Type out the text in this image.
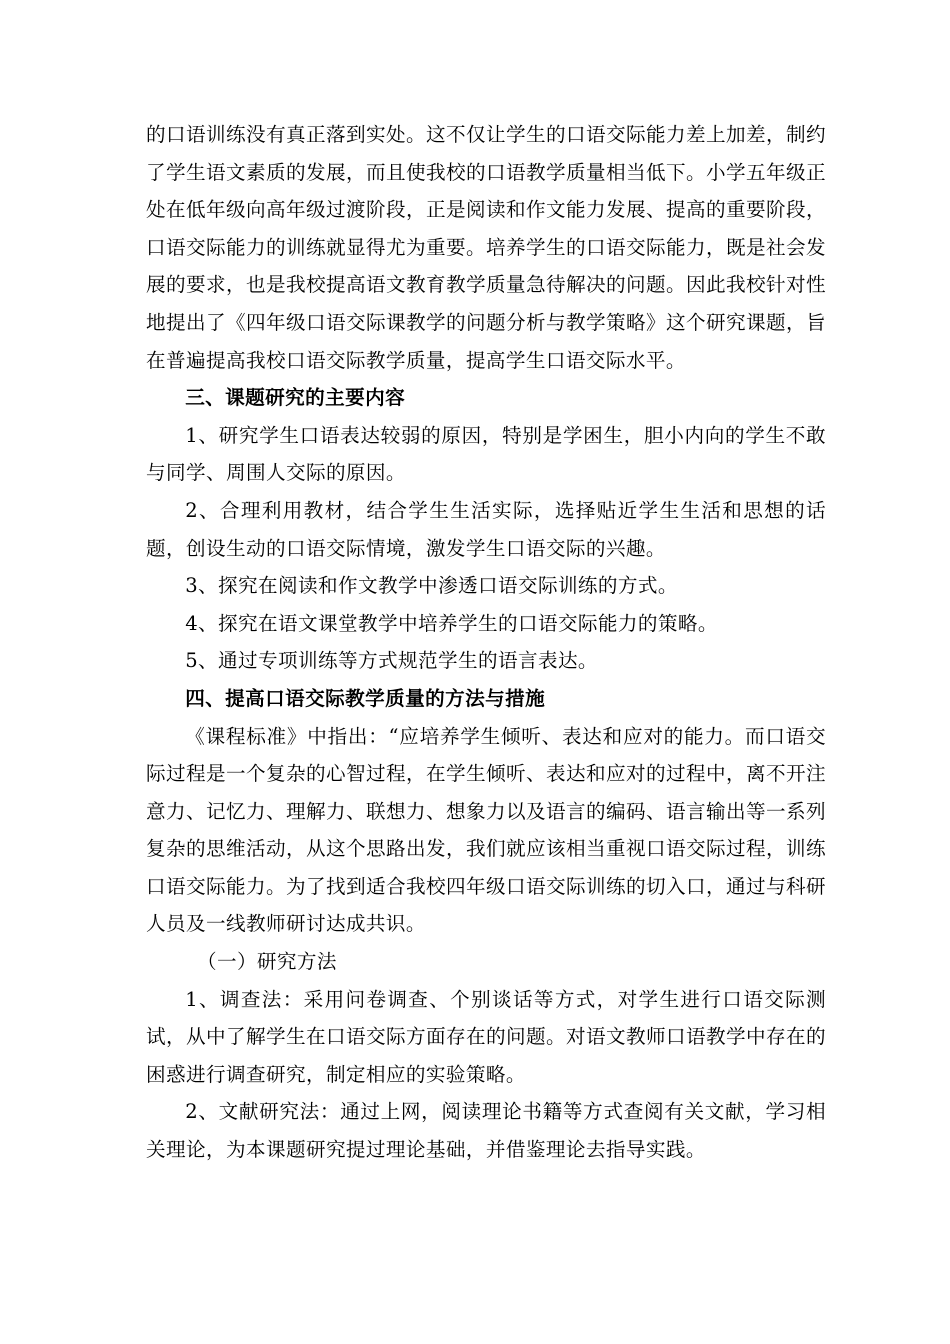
的口语训练没有真正落到实处。这不仅让学生的口语交际能力差上加差，制约了学生语文素质的发展，而且使我校的口语教学质量相当低下。小学五年级正处在低年级向高年级过渡阶段，正是阅读和作文能力发展、提高的重要阶段，口语交际能力的训练就显得尤为重要。培养学生的口语交际能力，既是社会发展的要求，也是我校提高语文教育教学质量急待解决的问题。因此我校针对性地提出了《四年级口语交际课教学的问题分析与教学策略》这个研究课题，旨在普遍提高我校口语交际教学质量，提高学生口语交际水平。

三、课题研究的主要内容

1、研究学生口语表达较弱的原因，特别是学困生，胆小内向的学生不敢与同学、周围人交际的原因。

2、合理利用教材，结合学生生活实际，选择贴近学生生活和思想的话题，创设生动的口语交际情境，激发学生口语交际的兴趣。

3、探究在阅读和作文教学中渗透口语交际训练的方式。

4、探究在语文课堂教学中培养学生的口语交际能力的策略。

5、通过专项训练等方式规范学生的语言表达。

四、提高口语交际教学质量的方法与措施

《课程标准》中指出：“应培养学生倾听、表达和应对的能力。而口语交际过程是一个复杂的心智过程，在学生倾听、表达和应对的过程中，离不开注意力、记忆力、理解力、联想力、想象力以及语言的编码、语言输出等一系列复杂的思维活动，从这个思路出发，我们就应该相当重视口语交际过程，训练口语交际能力。为了找到适合我校四年级口语交际训练的切入口，通过与科研人员及一线教师研讨达成共识。

（一）研究方法

1、调查法：采用问卷调查、个别谈话等方式，对学生进行口语交际测试，从中了解学生在口语交际方面存在的问题。对语文教师口语教学中存在的困惑进行调查研究，制定相应的实验策略。

2、文献研究法：通过上网，阅读理论书籍等方式查阅有关文献，学习相关理论，为本课题研究提过理论基础，并借鉴理论去指导实践。
